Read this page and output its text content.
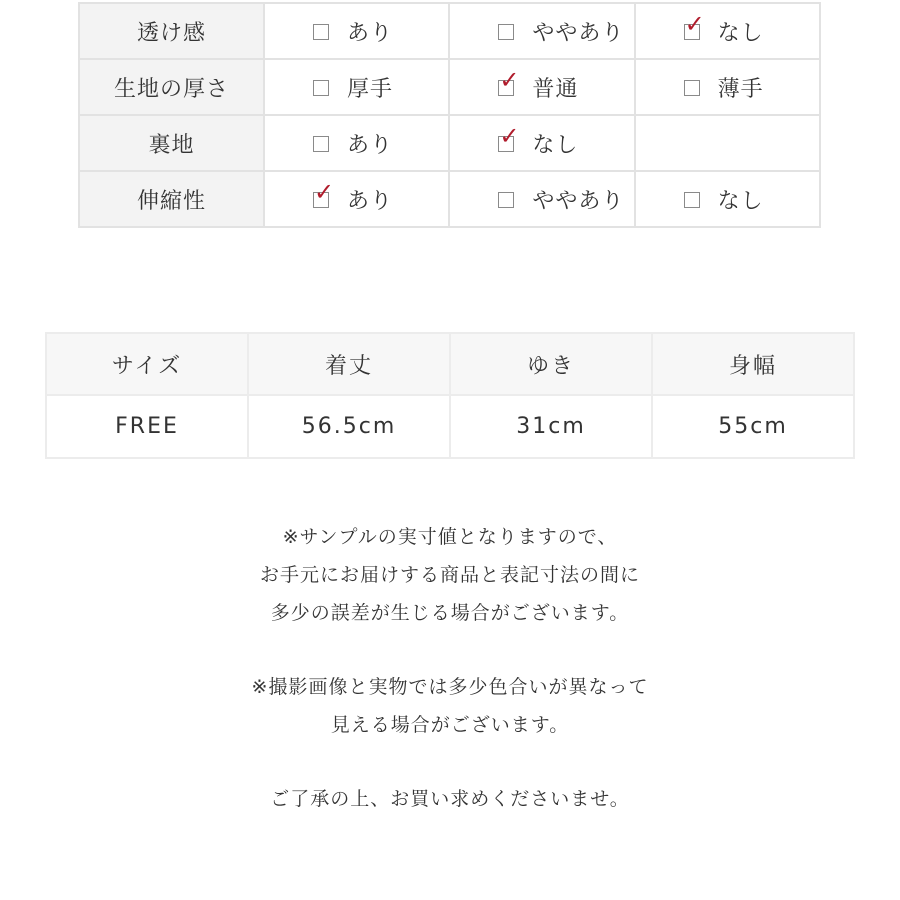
透け感	あり	ややあり	✓ なし

生地の厚さ	厚手	✓ 普通	薄手

裏地	あり	✓ なし	

伸縮性	✓ あり	ややあり	なし
サイズ	着丈	ゆき	身幅
FREE	56.5cm	31cm	55cm

※サンプルの実寸値となりますので、

お手元にお届けする商品と表記寸法の間に

多少の誤差が生じる場合がございます。

※撮影画像と実物では多少色合いが異なって

見える場合がございます。

ご了承の上、お買い求めくださいませ。
